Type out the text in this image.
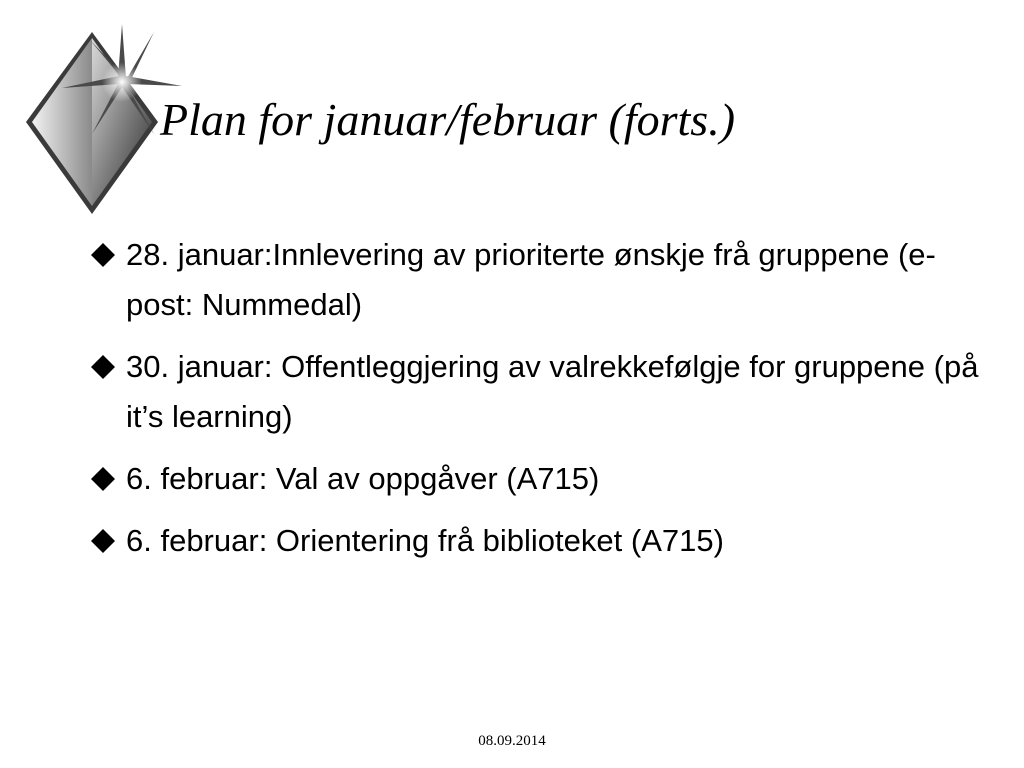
Plan for januar/februar (forts.)
28. januar:Innlevering av prioriterte ønskje frå gruppene (e-post: Nummedal)
30. januar: Offentleggjering av valrekkefølgje for gruppene (på it’s learning)
6. februar: Val av oppgåver (A715)
6. februar: Orientering frå biblioteket (A715)
08.09.2014
